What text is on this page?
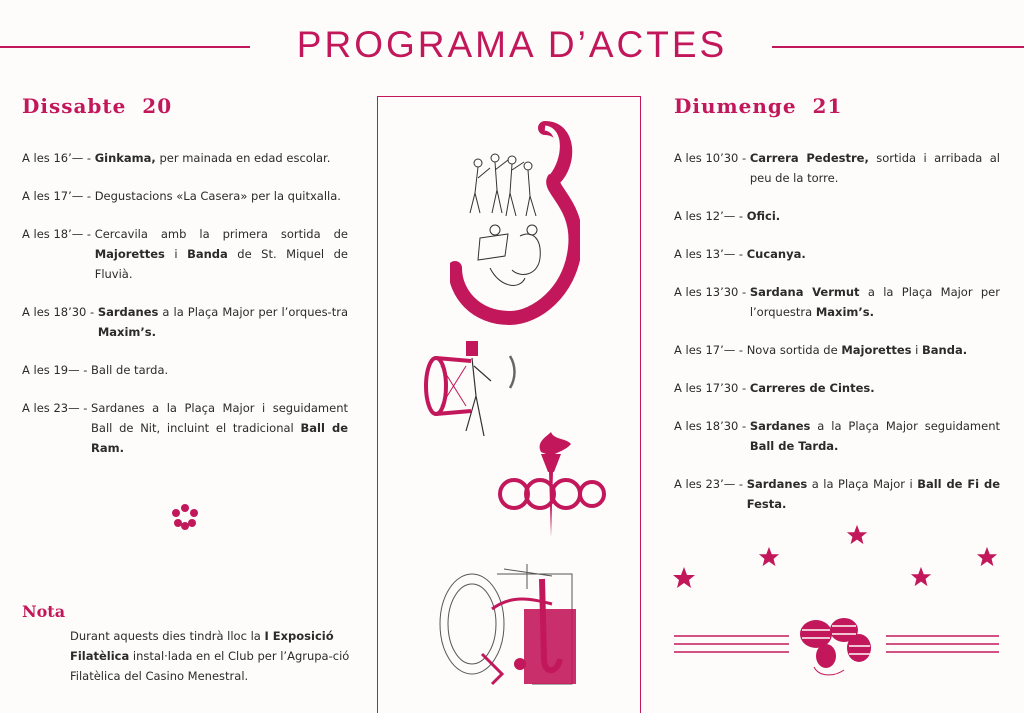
PROGRAMA D’ACTES
Dissabte  20
A les 16’— - Ginkama, per mainada en edad escolar.
A les 17’— - Degustacions «La Casera» per la quitxalla.
A les 18’— - Cercavila amb la primera sortida de Majorettes i Banda de St. Miquel de Fluvià.
A les 18’30 - Sardanes a la Plaça Major per l’orques-tra Maxim’s.
A les 19— - Ball de tarda.
A les 23— - Sardanes a la Plaça Major i seguidament Ball de Nit, incluint el tradicional Ball de Ram.
Diumenge  21
A les 10’30 - Carrera Pedestre, sortida i arribada al peu de la torre.
A les 12’— - Ofici.
A les 13’— - Cucanya.
A les 13’30 - Sardana Vermut a la Plaça Major per l’orquestra Maxim’s.
A les 17’— - Nova sortida de Majorettes i Banda.
A les 17’30 - Carreres de Cintes.
A les 18’30 - Sardanes a la Plaça Major seguidament Ball de Tarda.
A les 23’— - Sardanes a la Plaça Major i Ball de Fi de Festa.
Nota
Durant aquests dies tindrà lloc la I Exposició Filatèlica instal·lada en el Club per l’Agrupa-ció Filatèlica del Casino Menestral.
